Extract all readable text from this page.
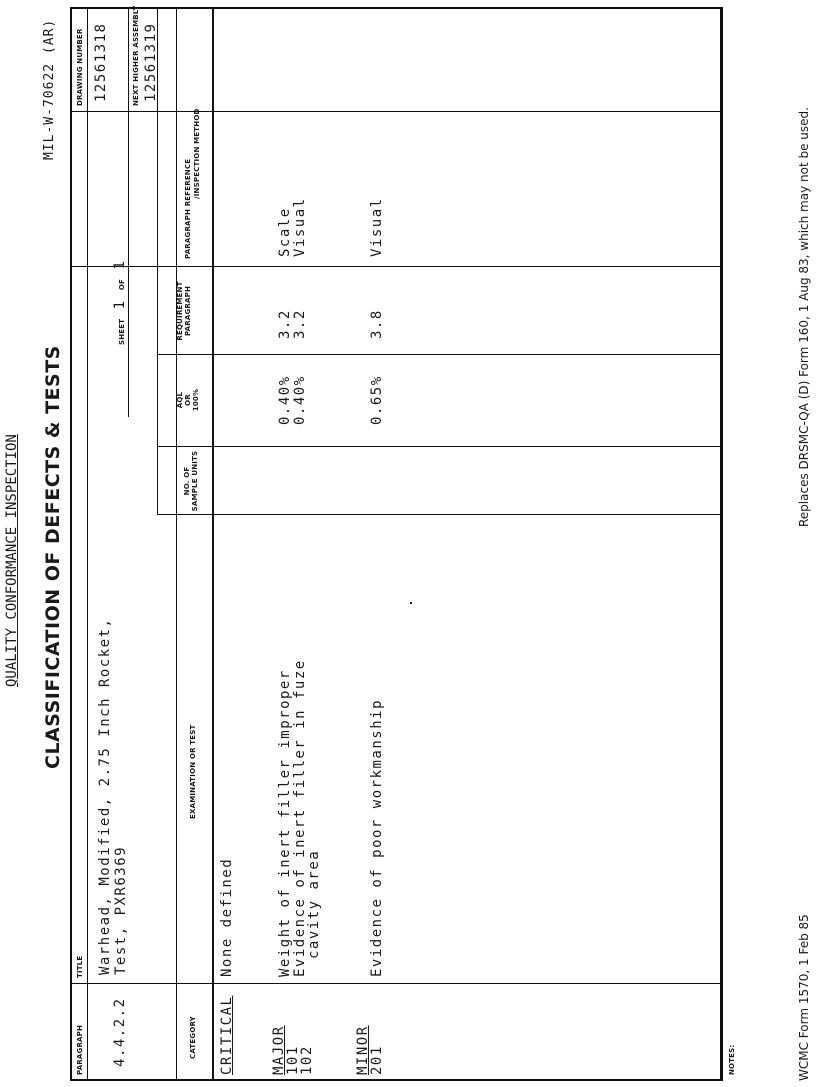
QUALITY CONFORMANCE INSPECTION CLASSIFICATION OF DEFECTS & TESTS
PARAGRAPH
TITLE
DRAWING NUMBER
4.4.2.2
Warhead, Modified, 2.75 Inch Rocket, Test, PXR6369
12561318
SHEET 1 OF 1
NEXT HIGHER ASSEMBLY 12561319
CATEGORY
EXAMINATION OR TEST
NO. OF SAMPLE UNITS
AQL OR 100%
REQUIREMENT PARAGRAPH
PARAGRAPH REFERENCE
/INSPECTION METHOD
CRITICAL
None defined
MAJOR
101
Weight of inert filler improper
0.40%
3.2
Scale
102
Evidence of inert filler in fuze
cavity area
0.40%
3.2
Visual
MINOR
201
Evidence of poor workmanship
0.65%
3.8
Visual
NOTES:	WCMC Form 1570, 1 Feb 85
Replaces DRSMC-QA (D) Form 160, 1 Aug 83, which may not be used.
MIL-W-70622 (AR)
